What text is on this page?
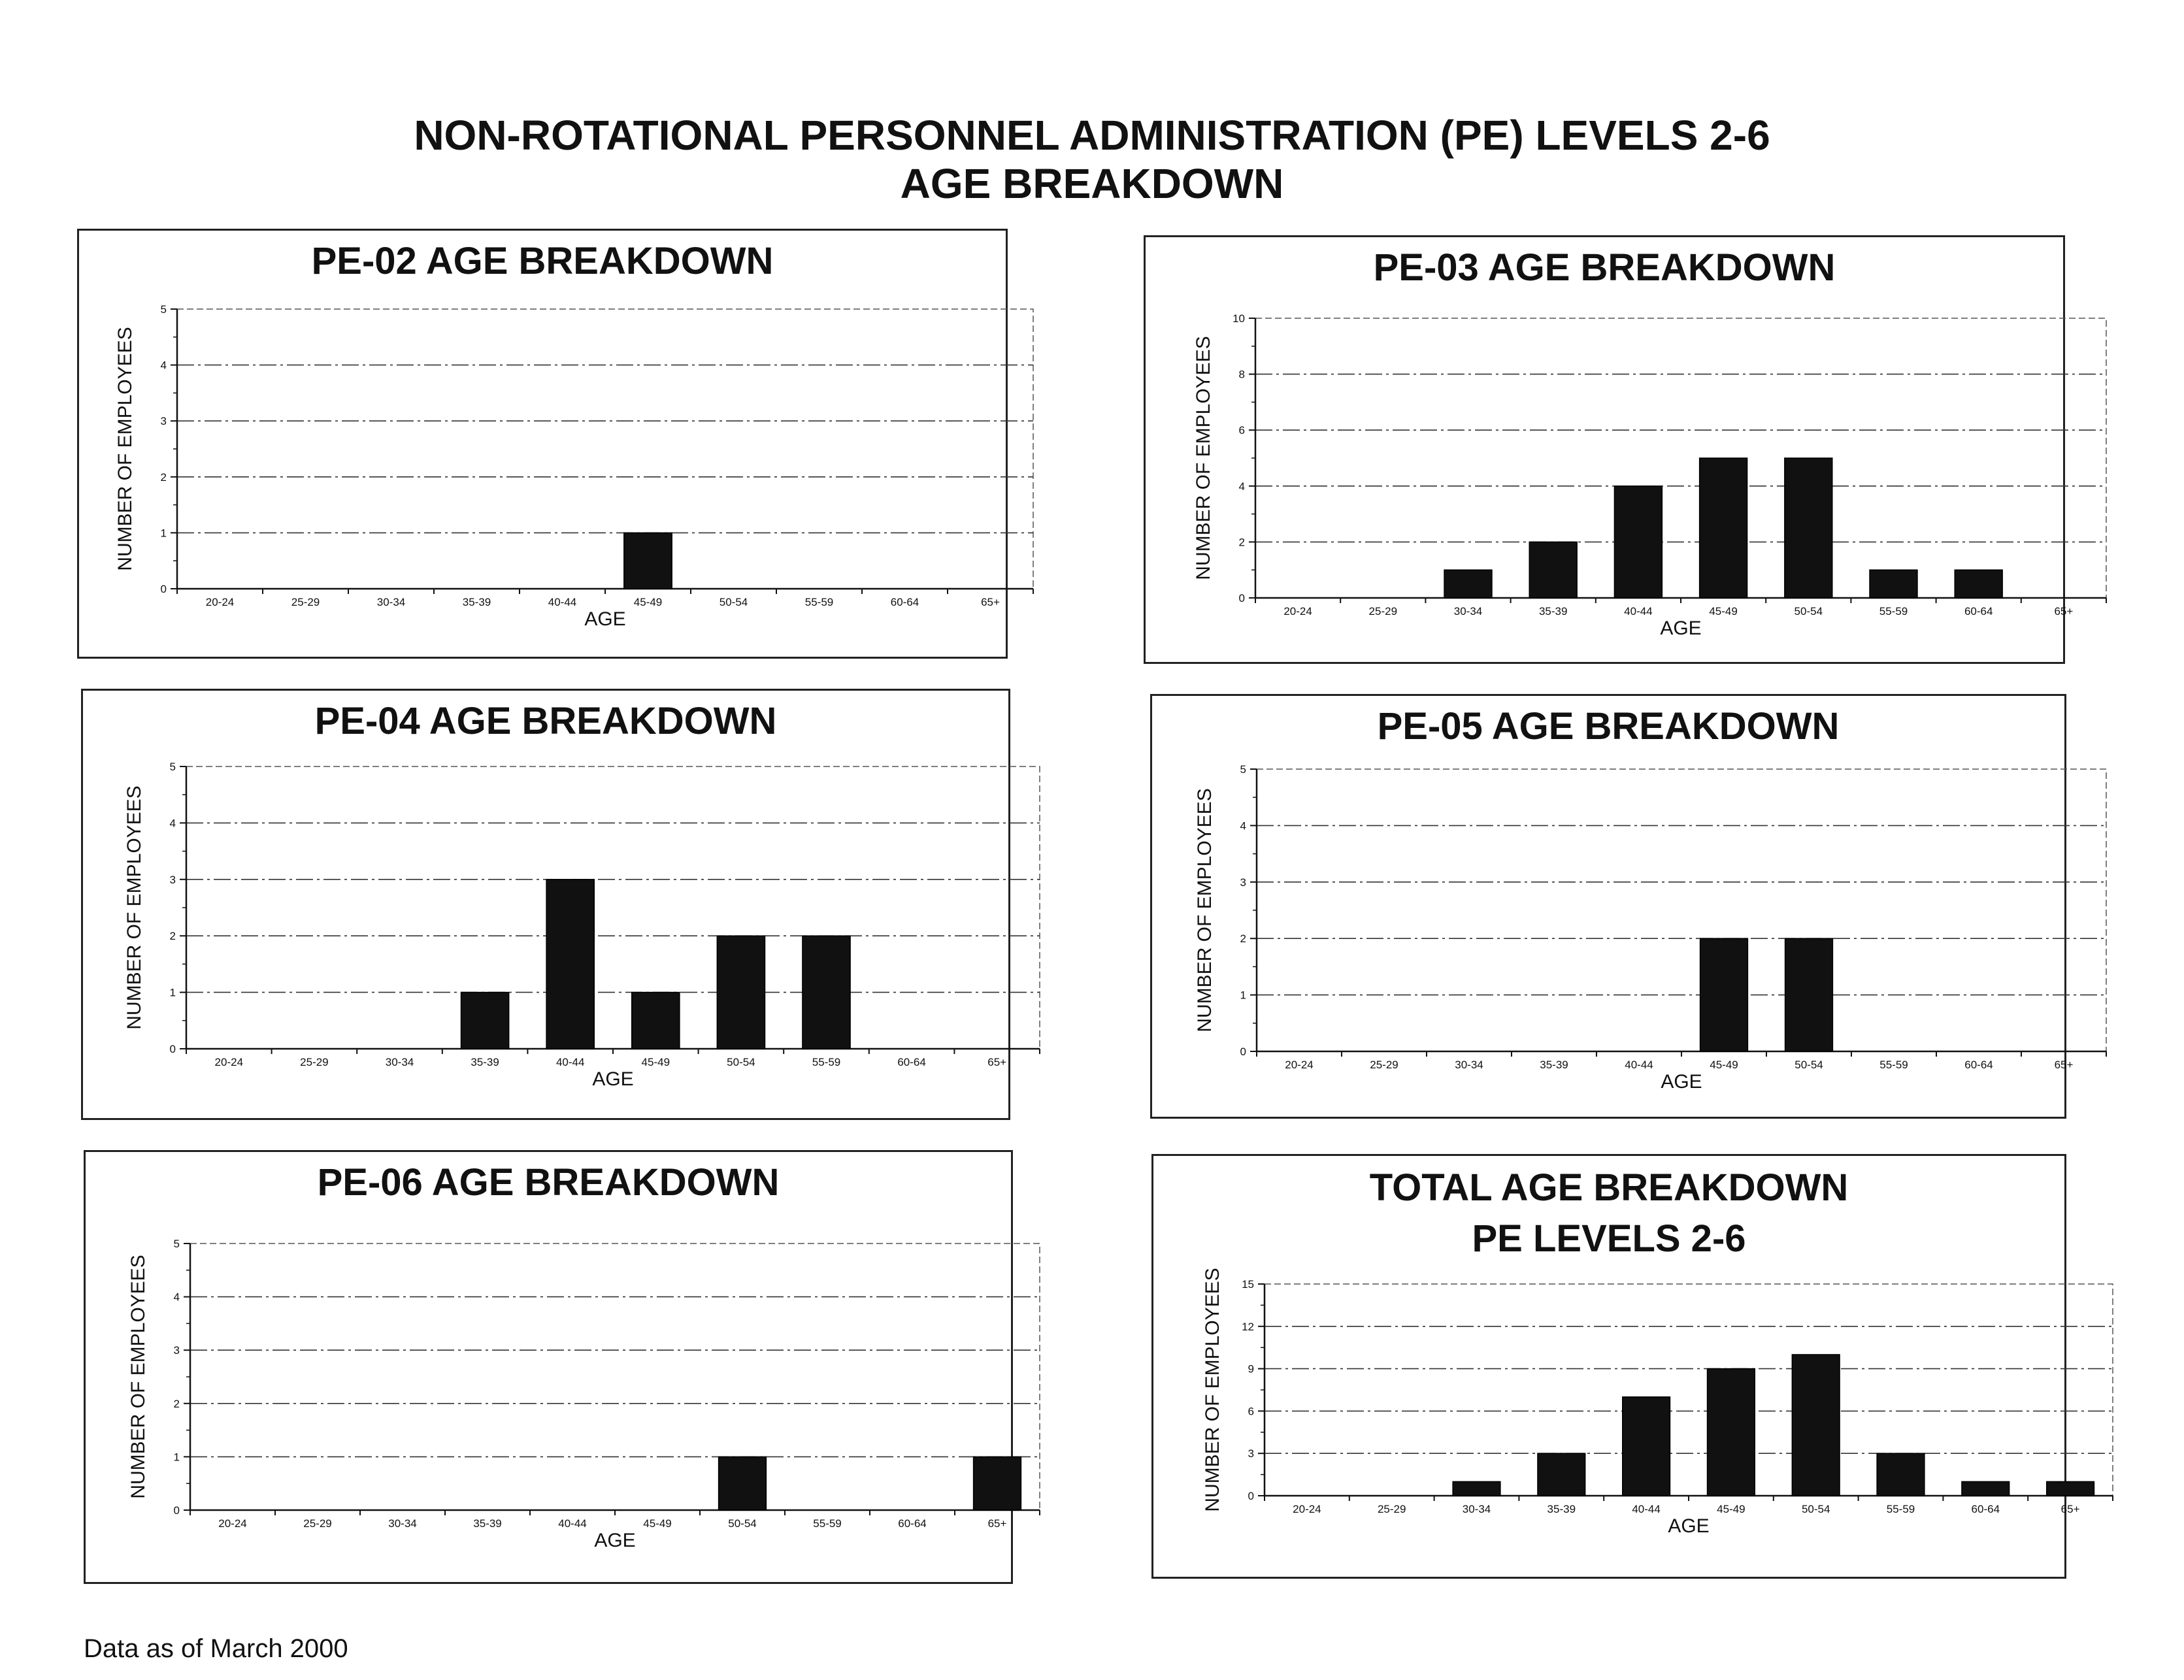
NON-ROTATIONAL PERSONNEL ADMINISTRATION (PE) LEVELS 2-6
AGE BREAKDOWN
PE-02 AGE BREAKDOWN
0
1
2
3
4
5
20-24	25-29	30-34	35-39	40-44	45-49	50-54	55-59	60-64	65+
AGE
NUMBER OF EMPLOYEES
PE-03 AGE BREAKDOWN
0
2
4
6
8
10
20-24	25-29	30-34	35-39	40-44	45-49	50-54	55-59	60-64	65+
AGE
NUMBER OF EMPLOYEES
PE-04 AGE BREAKDOWN
0
1
2
3
4
5
20-24	25-29	30-34	35-39	40-44	45-49	50-54	55-59	60-64	65+
AGE
NUMBER OF EMPLOYEES
PE-05 AGE BREAKDOWN
0
1
2
3
4
5
20-24	25-29	30-34	35-39	40-44	45-49	50-54	55-59	60-64	65+
AGE
NUMBER OF EMPLOYEES
PE-06 AGE BREAKDOWN
0
1
2
3
4
5
20-24	25-29	30-34	35-39	40-44	45-49	50-54	55-59	60-64	65+
AGE
NUMBER OF EMPLOYEES
TOTAL AGE BREAKDOWN
PE LEVELS 2-6
0
3
6
9
12
15
20-24	25-29	30-34	35-39	40-44	45-49	50-54	55-59	60-64	65+
AGE
NUMBER OF EMPLOYEES
Data as of March 2000
